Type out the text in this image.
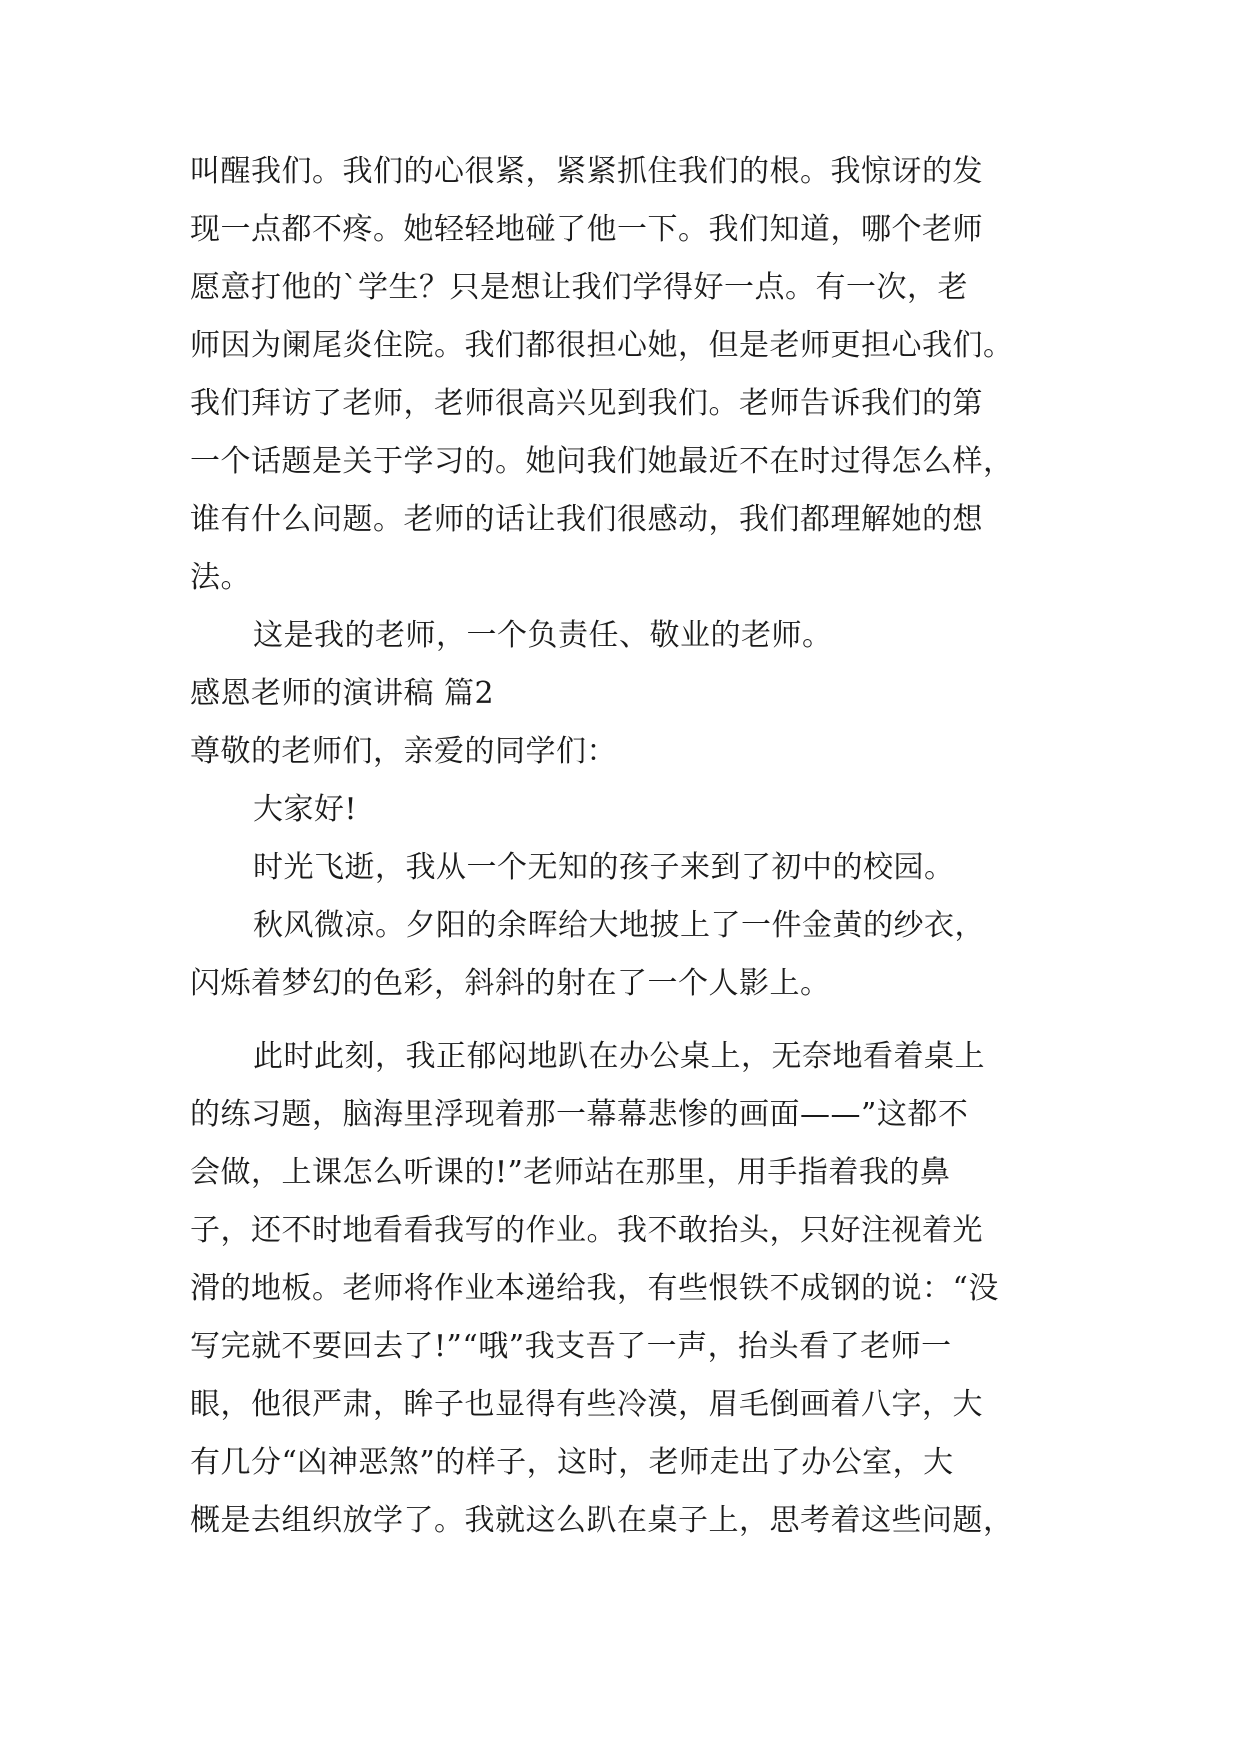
叫醒我们。我们的心很紧，紧紧抓住我们的根。我惊讶的发
现一点都不疼。她轻轻地碰了他一下。我们知道，哪个老师
愿意打他的`学生？只是想让我们学得好一点。有一次，老
师因为阑尾炎住院。我们都很担心她，但是老师更担心我们。
我们拜访了老师，老师很高兴见到我们。老师告诉我们的第
一个话题是关于学习的。她问我们她最近不在时过得怎么样，
谁有什么问题。老师的话让我们很感动，我们都理解她的想
法。
这是我的老师，一个负责任、敬业的老师。
感恩老师的演讲稿 篇2
尊敬的老师们，亲爱的同学们：
大家好!
时光飞逝，我从一个无知的孩子来到了初中的校园。
秋风微凉。夕阳的余晖给大地披上了一件金黄的纱衣，
闪烁着梦幻的色彩，斜斜的射在了一个人影上。
此时此刻，我正郁闷地趴在办公桌上，无奈地看着桌上
的练习题，脑海里浮现着那一幕幕悲惨的画面——”这都不
会做，上课怎么听课的!”老师站在那里，用手指着我的鼻
子，还不时地看看我写的作业。我不敢抬头，只好注视着光
滑的地板。老师将作业本递给我，有些恨铁不成钢的说：“没
写完就不要回去了!”“哦”我支吾了一声，抬头看了老师一
眼，他很严肃，眸子也显得有些冷漠，眉毛倒画着八字，大
有几分“凶神恶煞”的样子，这时，老师走出了办公室，大
概是去组织放学了。我就这么趴在桌子上，思考着这些问题，
